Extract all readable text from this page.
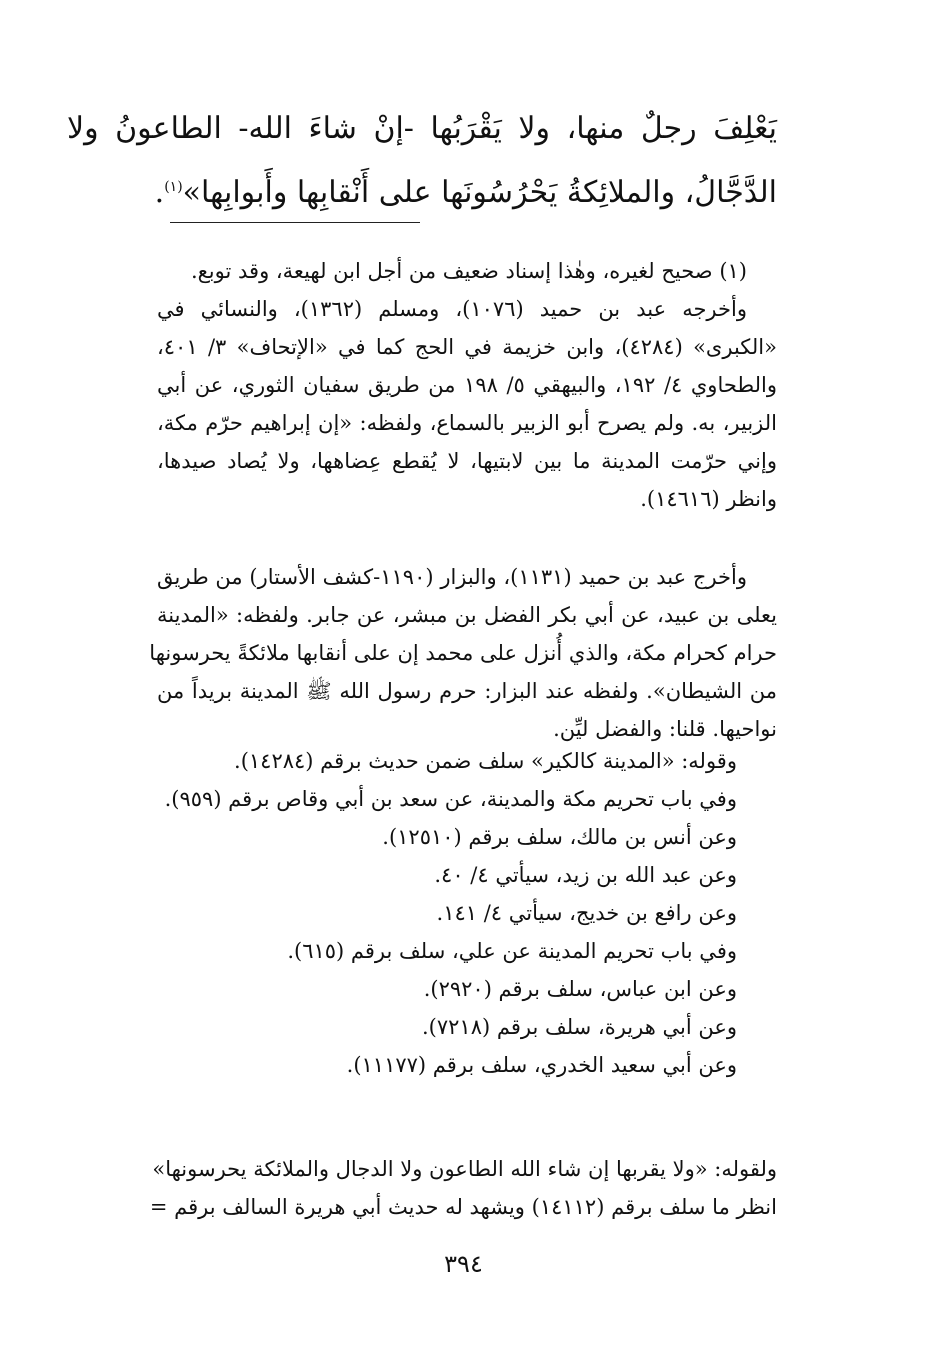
يَعْلِفَ رجلٌ منها، ولا يَقْرَبُها -إنْ شاءَ الله- الطاعونُ ولا
الدَّجَّالُ، والملائِكةُ يَحْرُسُونَها على أَنْقابِها وأَبوابِها»$^{(١)}$.
(١) صحيح لغيره، وهٰذا إسناد ضعيف من أجل ابن لهيعة، وقد توبع.
وأخرجه عبد بن حميد (١٠٧٦)، ومسلم (١٣٦٢)، والنسائي في
«الكبرى» (٤٢٨٤)، وابن خزيمة في الحج كما في «الإتحاف» ٣/ ٤٠١،
والطحاوي ٤/ ١٩٢، والبيهقي ٥/ ١٩٨ من طريق سفيان الثوري، عن أبي
الزبير، به. ولم يصرح أبو الزبير بالسماع، ولفظه: «إن إبراهيم حرّم مكة،
وإني حرّمت المدينة ما بين لابتيها، لا يُقطع عِضاهها، ولا يُصاد صيدها،
وانظر (١٤٦١٦).
وأخرج عبد بن حميد (١١٣١)، والبزار (١١٩٠-كشف الأستار) من طريق
يعلى بن عبيد، عن أبي بكر الفضل بن مبشر، عن جابر. ولفظه: «المدينة
حرام كحرام مكة، والذي أُنزل على محمد إن على أنقابها ملائكةً يحرسونها
من الشيطان». ولفظه عند البزار: حرم رسول الله ﷺ المدينة بريداً من
نواحيها. قلنا: والفضل ليِّن.
وقوله: «المدينة كالكير» سلف ضمن حديث برقم (١٤٢٨٤).
وفي باب تحريم مكة والمدينة، عن سعد بن أبي وقاص برقم (٩٥٩).
وعن أنس بن مالك، سلف برقم (١٢٥١٠).
وعن عبد الله بن زيد، سيأتي ٤/ ٤٠.
وعن رافع بن خديج، سيأتي ٤/ ١٤١.
وفي باب تحريم المدينة عن علي، سلف برقم (٦١٥).
وعن ابن عباس، سلف برقم (٢٩٢٠).
وعن أبي هريرة، سلف برقم (٧٢١٨).
وعن أبي سعيد الخدري، سلف برقم (١١١٧٧).
ولقوله: «ولا يقربها إن شاء الله الطاعون ولا الدجال والملائكة يحرسونها»
انظر ما سلف برقم (١٤١١٢) ويشهد له حديث أبي هريرة السالف برقم =
٣٩٤
